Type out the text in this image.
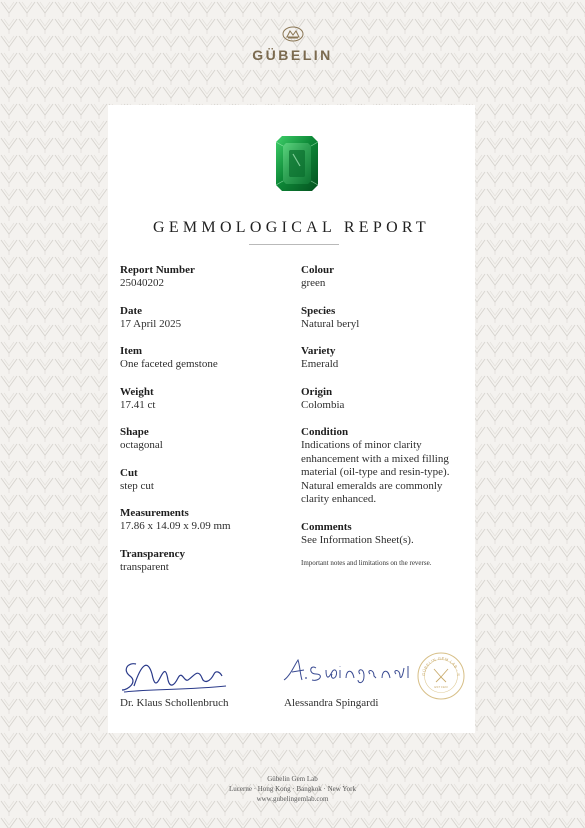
GÜBELIN
GEMMOLOGICAL REPORT
Report Number
25040202
Date
17 April 2025
Item
One faceted gemstone
Weight
17.41 ct
Shape
octagonal
Cut
step cut
Measurements
17.86 x 14.09 x 9.09 mm
Transparency
transparent
Colour
green
Species
Natural beryl
Variety
Emerald
Origin
Colombia
Condition
Indications of minor clarity enhancement with a mixed filling material (oil-type and resin-type). Natural emeralds are commonly clarity enhanced.
Comments
See Information Sheet(s).
Important notes and limitations on the reverse.
Dr. Klaus Schollenbruch	Alessandra Spingardi
GÜBELIN GEM LAB · S
EST 1923
Gübelin Gem Lab
Lucerne · Hong Kong · Bangkok · New York
www.gubelingemlab.com
